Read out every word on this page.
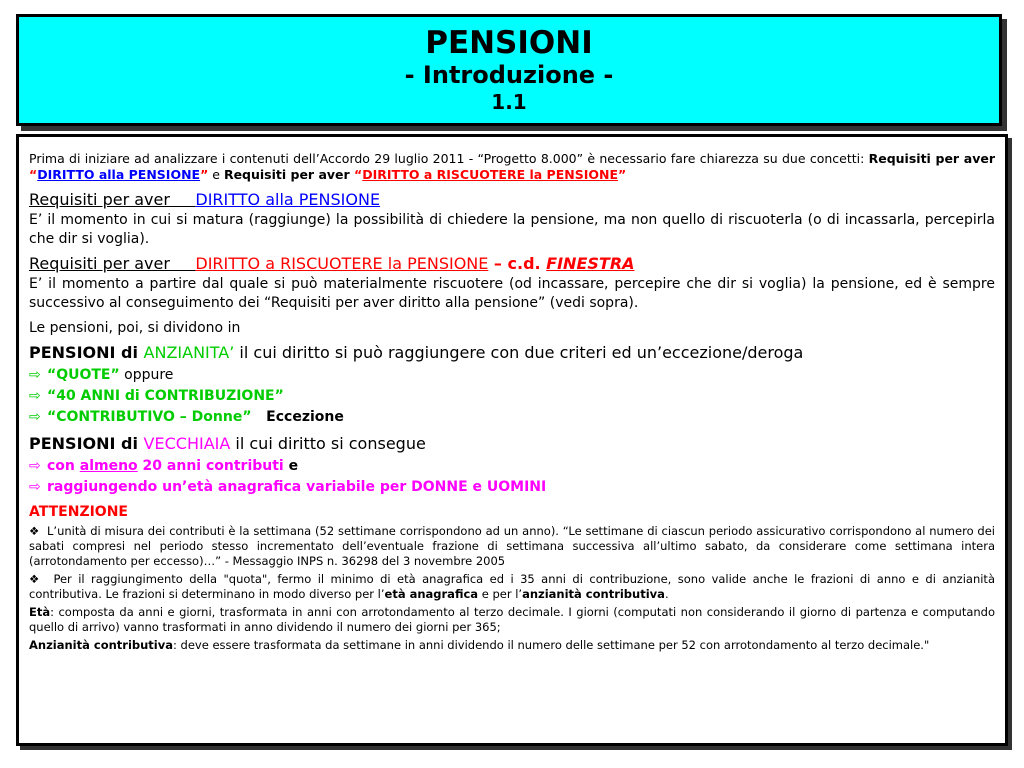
PENSIONI
- Introduzione -
1.1

Prima di iniziare ad analizzare i contenuti dell’Accordo 29 luglio 2011 - “Progetto 8.000” è necessario fare chiarezza su due concetti: Requisiti per aver “DIRITTO alla PENSIONE” e Requisiti per aver “DIRITTO a RISCUOTERE la PENSIONE”

Requisiti per aver DIRITTO alla PENSIONE

E’ il momento in cui si matura (raggiunge) la possibilità di chiedere la pensione, ma non quello di riscuoterla (o di incassarla, percepirla che dir si voglia).

Requisiti per aver DIRITTO a RISCUOTERE la PENSIONE – c.d. FINESTRA

E’ il momento a partire dal quale si può materialmente riscuotere (od incassare, percepire che dir si voglia) la pensione, ed è sempre successivo al conseguimento dei “Requisiti per aver diritto alla pensione” (vedi sopra).

Le pensioni, poi, si dividono in

PENSIONI di ANZIANITA’ il cui diritto si può raggiungere con due criteri ed un’eccezione/deroga

⇨ “QUOTE” oppure

⇨ “40 ANNI di CONTRIBUZIONE”

⇨ “CONTRIBUTIVO – Donne”   Eccezione

PENSIONI di VECCHIAIA il cui diritto si consegue

⇨ con almeno 20 anni contributi e

⇨ raggiungendo un’età anagrafica variabile per DONNE e UOMINI

ATTENZIONE

❖ L’unità di misura dei contributi è la settimana (52 settimane corrispondono ad un anno). “Le settimane di ciascun periodo assicurativo corrispondono al numero dei sabati compresi nel periodo stesso incrementato dell’eventuale frazione di settimana successiva all’ultimo sabato, da considerare come settimana intera (arrotondamento per eccesso)…” - Messaggio INPS n. 36298 del 3 novembre 2005

❖ Per il raggiungimento della "quota", fermo il minimo di età anagrafica ed i 35 anni di contribuzione, sono valide anche le frazioni di anno e di anzianità contributiva. Le frazioni si determinano in modo diverso per l’età anagrafica e per l’anzianità contributiva.

Età: composta da anni e giorni, trasformata in anni con arrotondamento al terzo decimale. I giorni (computati non considerando il giorno di partenza e computando quello di arrivo) vanno trasformati in anno dividendo il numero dei giorni per 365;

Anzianità contributiva: deve essere trasformata da settimane in anni dividendo il numero delle settimane per 52 con arrotondamento al terzo decimale."
